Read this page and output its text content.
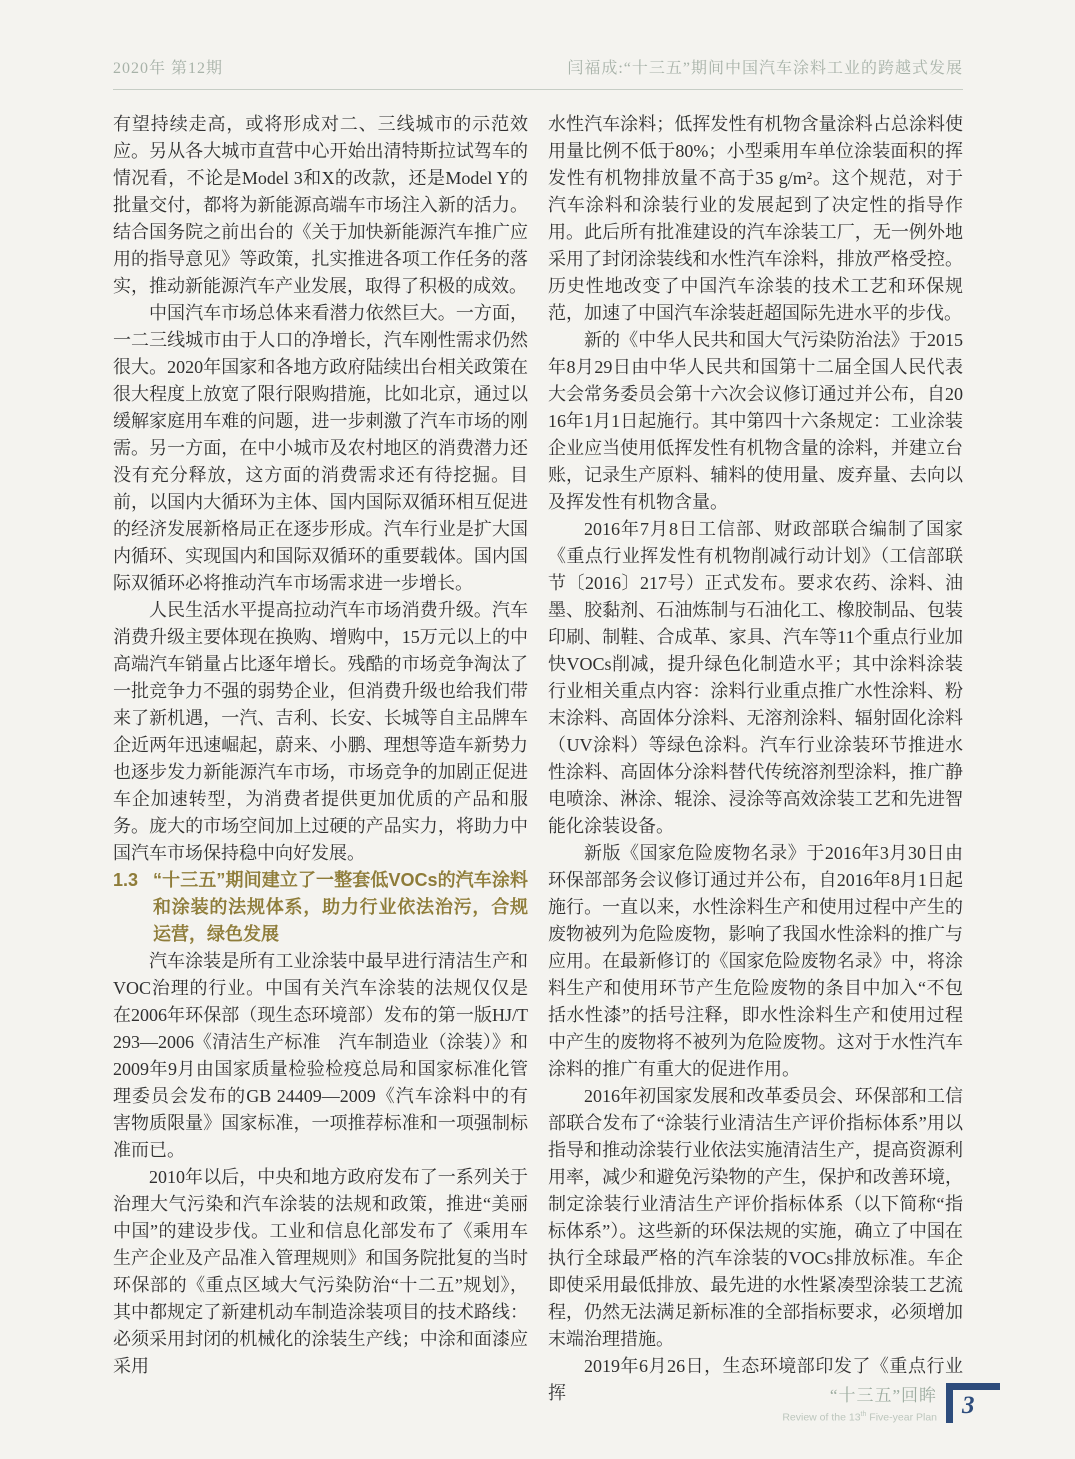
2020年 第12期	闫福成:“十三五”期间中国汽车涂料工业的跨越式发展

有望持续走高，或将形成对二、三线城市的示范效应。另从各大城市直营中心开始出清特斯拉试驾车的情况看，不论是Model 3和X的改款，还是Model Y的批量交付，都将为新能源高端车市场注入新的活力。结合国务院之前出台的《关于加快新能源汽车推广应用的指导意见》等政策，扎实推进各项工作任务的落实，推动新能源汽车产业发展，取得了积极的成效。

中国汽车市场总体来看潜力依然巨大。一方面，一二三线城市由于人口的净增长，汽车刚性需求仍然很大。2020年国家和各地方政府陆续出台相关政策在很大程度上放宽了限行限购措施，比如北京，通过以缓解家庭用车难的问题，进一步刺激了汽车市场的刚需。另一方面，在中小城市及农村地区的消费潜力还没有充分释放，这方面的消费需求还有待挖掘。目前，以国内大循环为主体、国内国际双循环相互促进的经济发展新格局正在逐步形成。汽车行业是扩大国内循环、实现国内和国际双循环的重要载体。国内国际双循环必将推动汽车市场需求进一步增长。

人民生活水平提高拉动汽车市场消费升级。汽车消费升级主要体现在换购、增购中，15万元以上的中高端汽车销量占比逐年增长。残酷的市场竞争淘汰了一批竞争力不强的弱势企业，但消费升级也给我们带来了新机遇，一汽、吉利、长安、长城等自主品牌车企近两年迅速崛起，蔚来、小鹏、理想等造车新势力也逐步发力新能源汽车市场，市场竞争的加剧正促进车企加速转型，为消费者提供更加优质的产品和服务。庞大的市场空间加上过硬的产品实力，将助力中国汽车市场保持稳中向好发展。

1.3 “十三五”期间建立了一整套低VOCs的汽车涂料和涂装的法规体系，助力行业依法治污，合规运营，绿色发展

汽车涂装是所有工业涂装中最早进行清洁生产和VOC治理的行业。中国有关汽车涂装的法规仅仅是在2006年环保部（现生态环境部）发布的第一版HJ/T 293—2006《清洁生产标准　汽车制造业（涂装）》和2009年9月由国家质量检验检疫总局和国家标准化管理委员会发布的GB 24409—2009《汽车涂料中的有害物质限量》国家标准，一项推荐标准和一项强制标准而已。

2010年以后，中央和地方政府发布了一系列关于治理大气污染和汽车涂装的法规和政策，推进“美丽中国”的建设步伐。工业和信息化部发布了《乘用车生产企业及产品准入管理规则》和国务院批复的当时环保部的《重点区域大气污染防治“十二五”规划》，其中都规定了新建机动车制造涂装项目的技术路线：必须采用封闭的机械化的涂装生产线；中涂和面漆应采用

水性汽车涂料；低挥发性有机物含量涂料占总涂料使用量比例不低于80%；小型乘用车单位涂装面积的挥发性有机物排放量不高于35 g/m²。这个规范，对于汽车涂料和涂装行业的发展起到了决定性的指导作用。此后所有批准建设的汽车涂装工厂，无一例外地采用了封闭涂装线和水性汽车涂料，排放严格受控。历史性地改变了中国汽车涂装的技术工艺和环保规范，加速了中国汽车涂装赶超国际先进水平的步伐。

新的《中华人民共和国大气污染防治法》于2015年8月29日由中华人民共和国第十二届全国人民代表大会常务委员会第十六次会议修订通过并公布，自2016年1月1日起施行。其中第四十六条规定：工业涂装企业应当使用低挥发性有机物含量的涂料，并建立台账，记录生产原料、辅料的使用量、废弃量、去向以及挥发性有机物含量。

2016年7月8日工信部、财政部联合编制了国家《重点行业挥发性有机物削减行动计划》（工信部联节〔2016〕217号）正式发布。要求农药、涂料、油墨、胶黏剂、石油炼制与石油化工、橡胶制品、包装印刷、制鞋、合成革、家具、汽车等11个重点行业加快VOCs削减，提升绿色化制造水平；其中涂料涂装行业相关重点内容：涂料行业重点推广水性涂料、粉末涂料、高固体分涂料、无溶剂涂料、辐射固化涂料（UV涂料）等绿色涂料。汽车行业涂装环节推进水性涂料、高固体分涂料替代传统溶剂型涂料，推广静电喷涂、淋涂、辊涂、浸涂等高效涂装工艺和先进智能化涂装设备。

新版《国家危险废物名录》于2016年3月30日由环保部部务会议修订通过并公布，自2016年8月1日起施行。一直以来，水性涂料生产和使用过程中产生的废物被列为危险废物，影响了我国水性涂料的推广与应用。在最新修订的《国家危险废物名录》中，将涂料生产和使用环节产生危险废物的条目中加入“不包括水性漆”的括号注释，即水性涂料生产和使用过程中产生的废物将不被列为危险废物。这对于水性汽车涂料的推广有重大的促进作用。

2016年初国家发展和改革委员会、环保部和工信部联合发布了“涂装行业清洁生产评价指标体系”用以指导和推动涂装行业依法实施清洁生产，提高资源利用率，减少和避免污染物的产生，保护和改善环境，制定涂装行业清洁生产评价指标体系（以下简称“指标体系”）。这些新的环保法规的实施，确立了中国在执行全球最严格的汽车涂装的VOCs排放标准。车企即使采用最低排放、最先进的水性紧凑型涂装工艺流程，仍然无法满足新标准的全部指标要求，必须增加末端治理措施。

2019年6月26日，生态环境部印发了《重点行业挥	“十三五”回眸
Review of the 13th Five-year Plan 3
